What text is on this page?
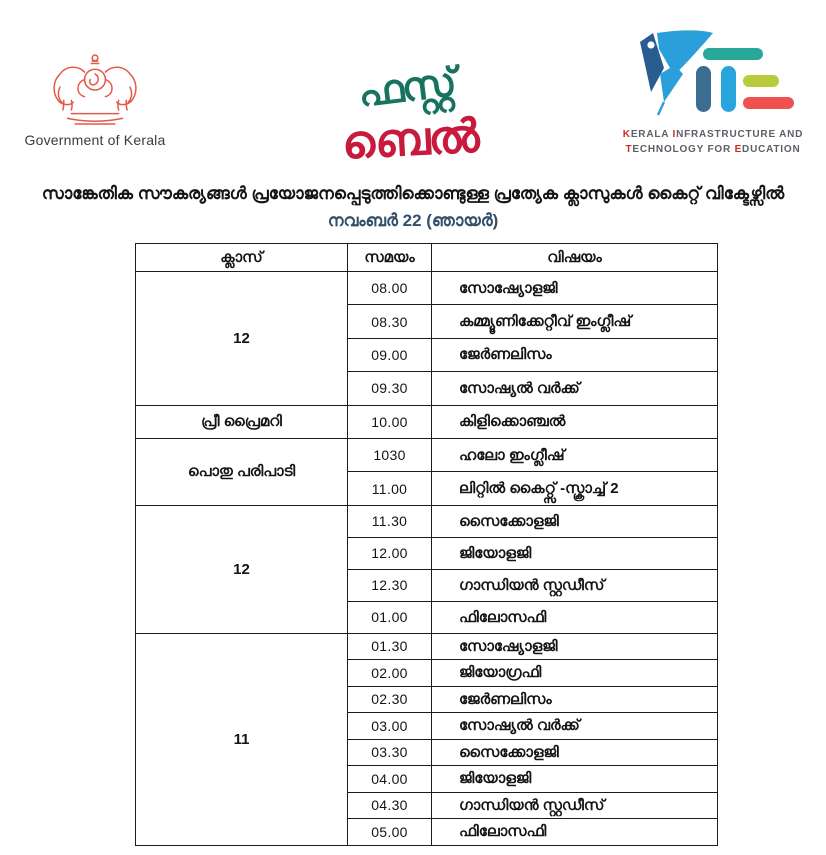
Government of Kerala
ഫസ്റ്റ്
ബെൽ	KERALA INFRASTRUCTURE AND
TECHNOLOGY FOR EDUCATION
സാങ്കേതിക സൗകര്യങ്ങൾ പ്രയോജനപ്പെടുത്തിക്കൊണ്ടുള്ള പ്രത്യേക ക്ലാസുകൾ കൈറ്റ് വിക്ടേഴ്സിൽ
നവംബർ 22 (ഞായർ)
ക്ലാസ്	സമയം	വിഷയം
12	08.00	സോഷ്യോളജി
	08.30	കമ്മ്യൂണിക്കേറ്റീവ് ഇംഗ്ലീഷ്
	09.00	ജേർണലിസം
	09.30	സോഷ്യൽ വർക്ക്
പ്രീ പ്രൈമറി	10.00	കിളിക്കൊഞ്ചൽ
പൊതു പരിപാടി	1030	ഹലോ ഇംഗ്ലീഷ്
	11.00	ലിറ്റിൽ കൈറ്റ്സ് -സ്ക്രാച്ച് 2
12	11.30	സൈക്കോളജി
	12.00	ജിയോളജി
	12.30	ഗാന്ധിയൻ സ്റ്റഡീസ്
	01.00	ഫിലോസഫി
11	01.30	സോഷ്യോളജി
	02.00	ജിയോഗ്രഫി
	02.30	ജേർണലിസം
	03.00	സോഷ്യൽ വർക്ക്
	03.30	സൈക്കോളജി
	04.00	ജിയോളജി
	04.30	ഗാന്ധിയൻ സ്റ്റഡീസ്
	05.00	ഫിലോസഫി
